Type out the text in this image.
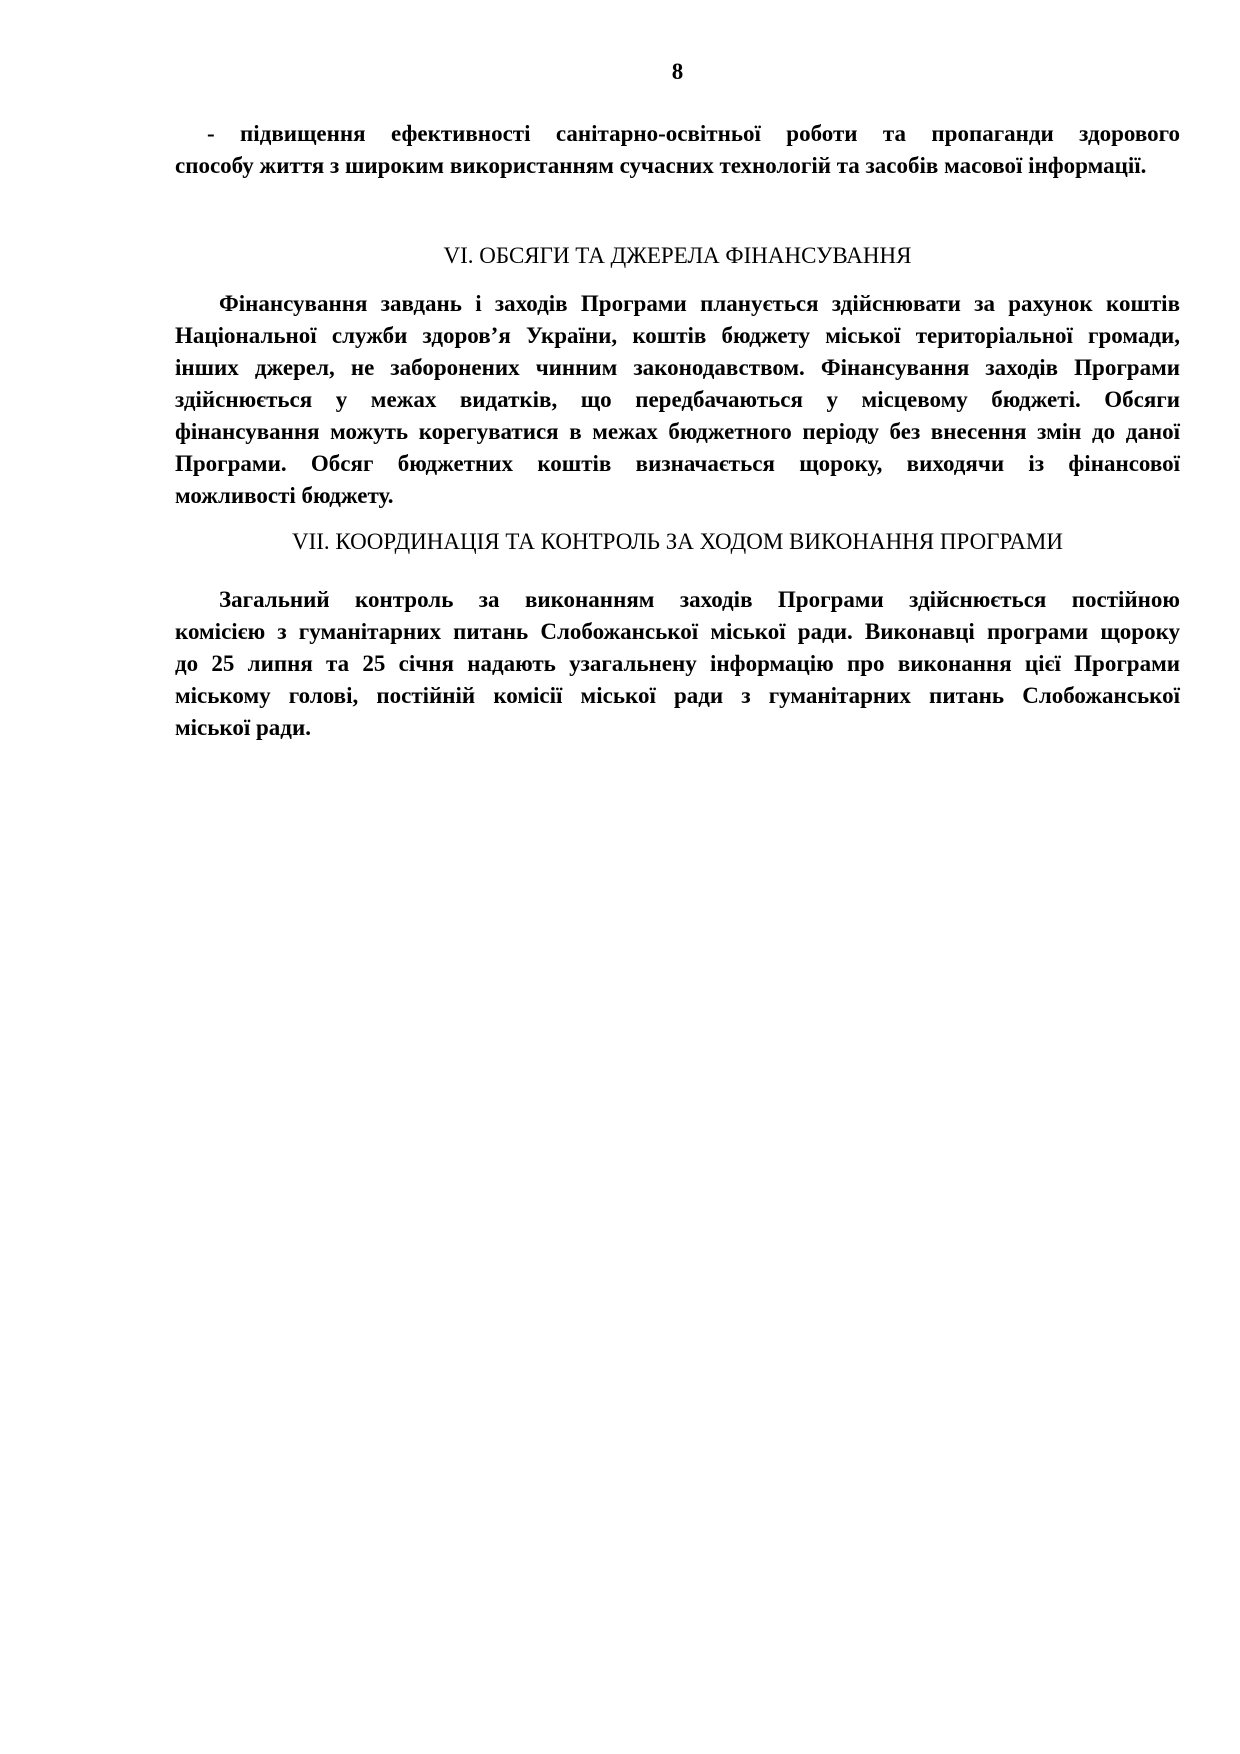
8
- підвищення ефективності санітарно-освітньої роботи та пропаганди здорового
способу життя з широким використанням сучасних технологій та засобів масової інформації.
VI. ОБСЯГИ ТА ДЖЕРЕЛА ФІНАНСУВАННЯ
Фінансування завдань і заходів Програми планується здійснювати за рахунок коштів
Національної служби здоров’я України, коштів бюджету міської територіальної громади,
інших джерел, не заборонених чинним законодавством. Фінансування заходів Програми
здійснюється у межах видатків, що передбачаються у місцевому бюджеті. Обсяги
фінансування можуть корегуватися в межах бюджетного періоду без внесення змін до даної
Програми. Обсяг бюджетних коштів визначається щороку, виходячи із фінансової
можливості бюджету.
VII. КООРДИНАЦІЯ ТА КОНТРОЛЬ ЗА ХОДОМ ВИКОНАННЯ ПРОГРАМИ
Загальний контроль за виконанням заходів Програми здійснюється постійною
комісією з гуманітарних питань Слобожанської міської ради. Виконавці програми щороку
до 25 липня та 25 січня надають узагальнену інформацію про виконання цієї Програми
міському голові, постійній комісії міської ради з гуманітарних питань Слобожанської
міської ради.
